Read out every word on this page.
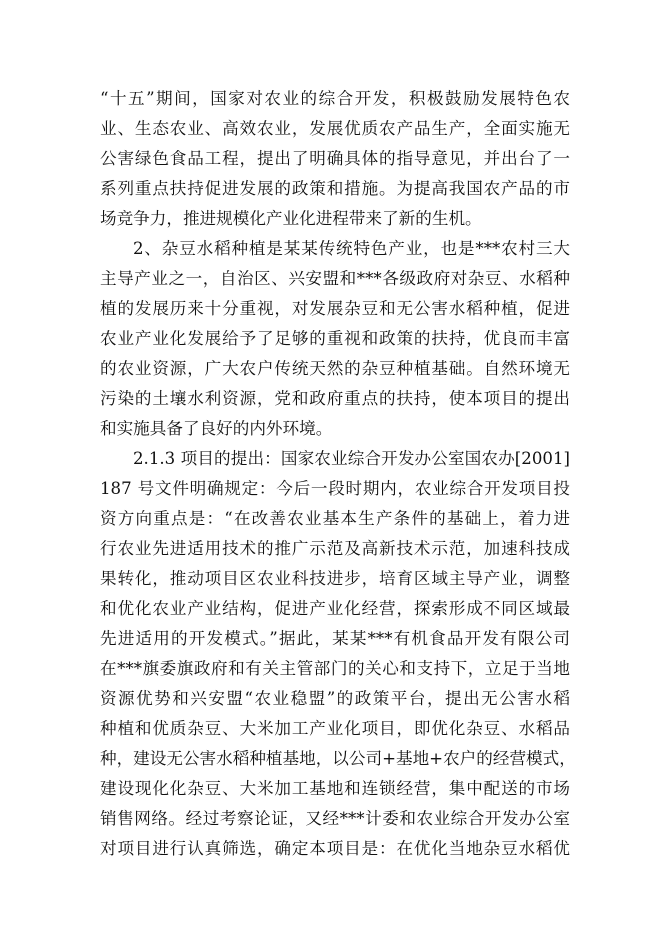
“十五”期间，国家对农业的综合开发，积极鼓励发展特色农
业、生态农业、高效农业，发展优质农产品生产，全面实施无
公害绿色食品工程，提出了明确具体的指导意见，并出台了一
系列重点扶持促进发展的政策和措施。为提高我国农产品的市
场竞争力，推进规模化产业化进程带来了新的生机。
2、杂豆水稻种植是某某传统特色产业，也是***农村三大
主导产业之一，自治区、兴安盟和***各级政府对杂豆、水稻种
植的发展历来十分重视，对发展杂豆和无公害水稻种植，促进
农业产业化发展给予了足够的重视和政策的扶持，优良而丰富
的农业资源，广大农户传统天然的杂豆种植基础。自然环境无
污染的土壤水利资源，党和政府重点的扶持，使本项目的提出
和实施具备了良好的内外环境。
2.1.3 项目的提出：国家农业综合开发办公室国农办[2001]
187 号文件明确规定：今后一段时期内，农业综合开发项目投
资方向重点是：“在改善农业基本生产条件的基础上，着力进
行农业先进适用技术的推广示范及高新技术示范，加速科技成
果转化，推动项目区农业科技进步，培育区域主导产业，调整
和优化农业产业结构，促进产业化经营，探索形成不同区域最
先进适用的开发模式。”据此，某某***有机食品开发有限公司
在***旗委旗政府和有关主管部门的关心和支持下，立足于当地
资源优势和兴安盟“农业稳盟”的政策平台，提出无公害水稻
种植和优质杂豆、大米加工产业化项目，即优化杂豆、水稻品
种，建设无公害水稻种植基地，以公司+基地+农户的经营模式，
建设现化化杂豆、大米加工基地和连锁经营，集中配送的市场
销售网络。经过考察论证，又经***计委和农业综合开发办公室
对项目进行认真筛选，确定本项目是：在优化当地杂豆水稻优
